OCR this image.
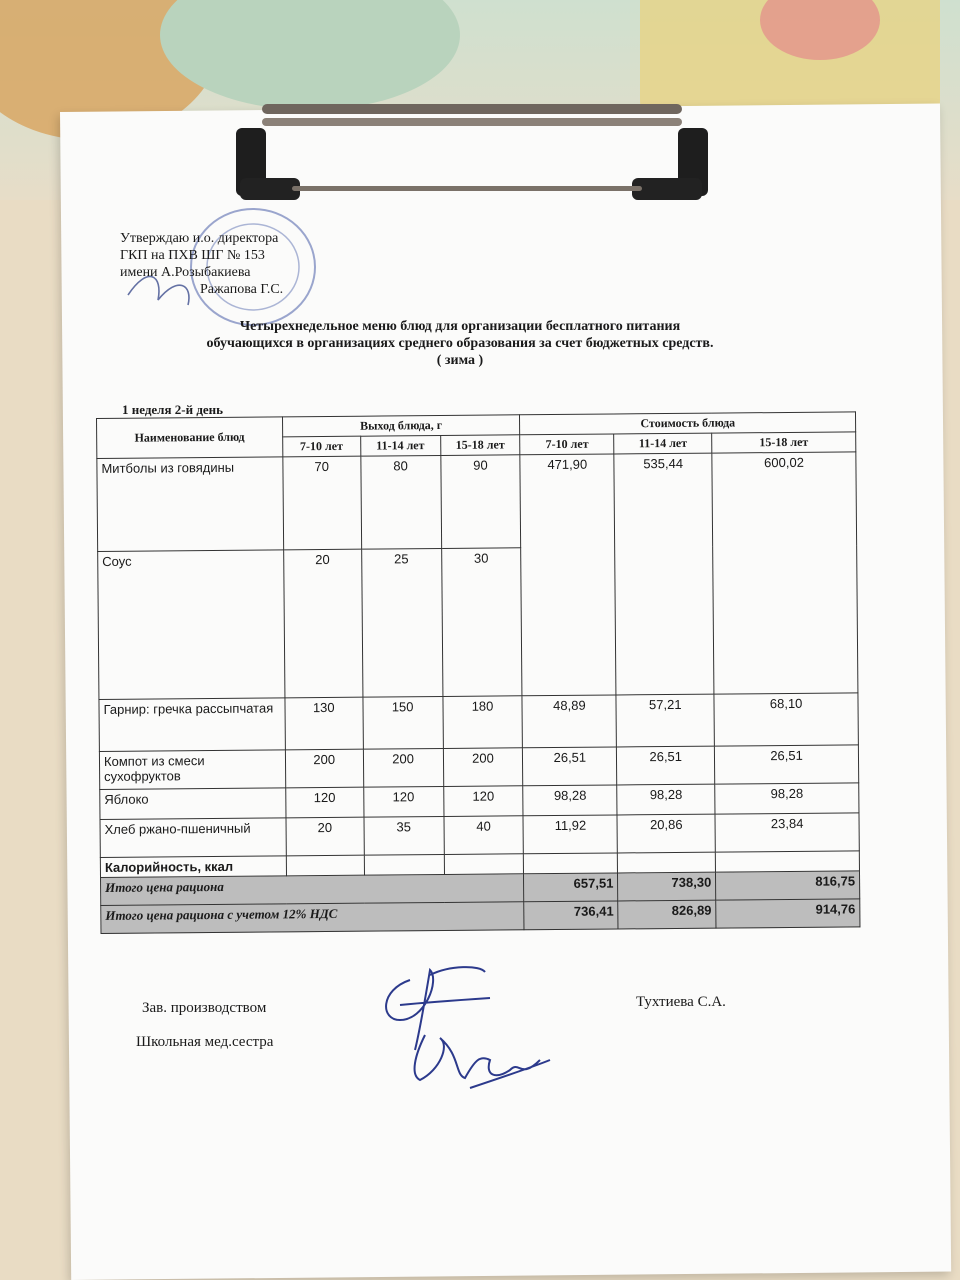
Утверждаю и.о. директора
ГКП на ПХВ ШГ № 153
имени А.Розыбакиева
Ражапова Г.С.
Четырехнедельное меню блюд для организации бесплатного питания
обучающихся в организациях среднего образования за счет бюджетных средств.
( зима )
1 неделя 2-й день
Наименование блюд	Выход блюда, г			Стоимость блюда		
	7-10 лет	11-14 лет	15-18 лет	7-10 лет	11-14 лет	15-18 лет
Митболы из говядины	70	80	90	471,90	535,44	600,02
Соус	20	25	30			
Гарнир: гречка рассыпчатая	130	150	180	48,89	57,21	68,10
Компот из смеси сухофруктов	200	200	200	26,51	26,51	26,51
Яблоко	120	120	120	98,28	98,28	98,28
Хлеб ржано-пшеничный	20	35	40	11,92	20,86	23,84
Калорийность, ккал						
Итого цена рациона				657,51	738,30	816,75
Итого цена рациона с учетом 12% НДС				736,41	826,89	914,76
Зав. производством
Школьная мед.сестра
Тухтиева С.А.
